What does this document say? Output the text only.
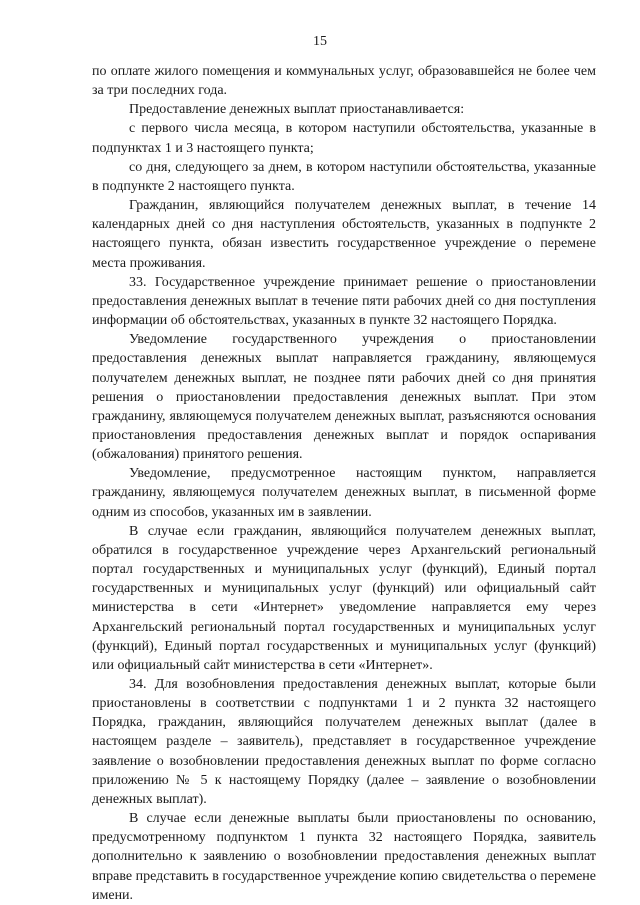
15

по оплате жилого помещения и коммунальных услуг, образовавшейся не более чем за три последних года.

Предоставление денежных выплат приостанавливается:

с первого числа месяца, в котором наступили обстоятельства, указанные в подпунктах 1 и 3 настоящего пункта;

со дня, следующего за днем, в котором наступили обстоятельства, указанные в подпункте 2 настоящего пункта.

Гражданин, являющийся получателем денежных выплат, в течение 14 календарных дней со дня наступления обстоятельств, указанных в подпункте 2 настоящего пункта, обязан известить государственное учреждение о перемене места проживания.

33. Государственное учреждение принимает решение о приостановлении предоставления денежных выплат в течение пяти рабочих дней со дня поступления информации об обстоятельствах, указанных в пункте 32 настоящего Порядка.

Уведомление государственного учреждения о приостановлении предоставления денежных выплат направляется гражданину, являющемуся получателем денежных выплат, не позднее пяти рабочих дней со дня принятия решения о приостановлении предоставления денежных выплат. При этом гражданину, являющемуся получателем денежных выплат, разъясняются основания приостановления предоставления денежных выплат и порядок оспаривания (обжалования) принятого решения.

Уведомление, предусмотренное настоящим пунктом, направляется гражданину, являющемуся получателем денежных выплат, в письменной форме одним из способов, указанных им в заявлении.

В случае если гражданин, являющийся получателем денежных выплат, обратился в государственное учреждение через Архангельский региональный портал государственных и муниципальных услуг (функций), Единый портал государственных и муниципальных услуг (функций) или официальный сайт министерства в сети «Интернет» уведомление направляется ему через Архангельский региональный портал государственных и муниципальных услуг (функций), Единый портал государственных и муниципальных услуг (функций) или официальный сайт министерства в сети «Интернет».

34. Для возобновления предоставления денежных выплат, которые были приостановлены в соответствии с подпунктами 1 и 2 пункта 32 настоящего Порядка, гражданин, являющийся получателем денежных выплат (далее в настоящем разделе – заявитель), представляет в государственное учреждение заявление о возобновлении предоставления денежных выплат по форме согласно приложению № 5 к настоящему Порядку (далее – заявление о возобновлении денежных выплат).

В случае если денежные выплаты были приостановлены по основанию, предусмотренному подпунктом 1 пункта 32 настоящего Порядка, заявитель дополнительно к заявлению о возобновлении предоставления денежных выплат вправе представить в государственное учреждение копию свидетельства о перемене имени.
